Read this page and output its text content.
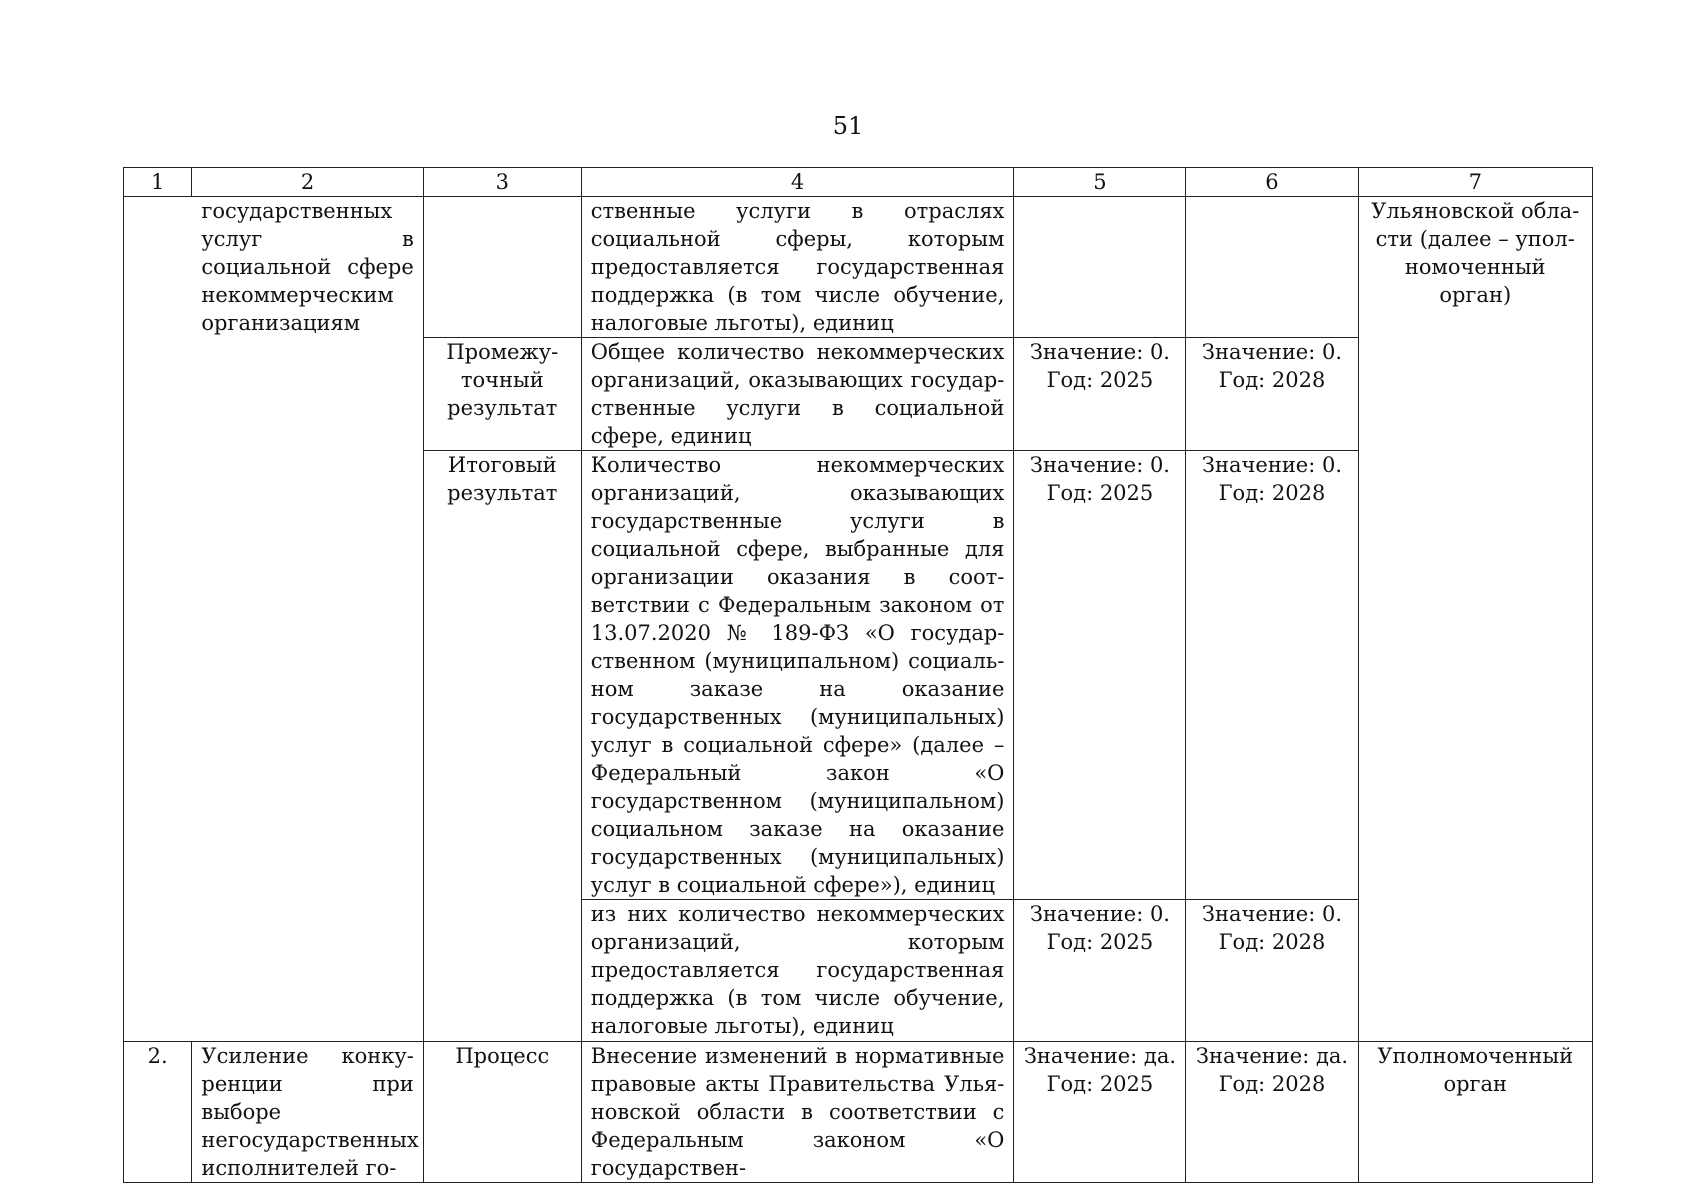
51
1	2	3	4	5	6	7
	государственных услуг в социальной сфере некоммерческим организациям		ственные услуги в отраслях социальной сферы, которым предоставляется государственная поддержка (в том числе обучение, налоговые льготы), единиц			Ульяновской области (далее – уполномоченный орган)
		Промежуточный результат	Общее количество некоммерческих организаций, оказывающих государственные услуги в социальной сфере, единиц	Значение: 0. Год: 2025	Значение: 0. Год: 2028	
		Итоговый результат	Количество некоммерческих организаций, оказывающих государственные услуги в социальной сфере, выбранные для организации оказания в соответствии с Федеральным законом от 13.07.2020 № 189-ФЗ «О государственном (муниципальном) социальном заказе на оказание государственных (муниципальных) услуг в социальной сфере» (далее – Федеральный закон «О государственном (муниципальном) социальном заказе на оказание государственных (муниципальных) услуг в социальной сфере»), единиц	Значение: 0. Год: 2025	Значение: 0. Год: 2028	
			из них количество некоммерческих организаций, которым предоставляется государственная поддержка (в том числе обучение, налоговые льготы), единиц	Значение: 0. Год: 2025	Значение: 0. Год: 2028	
2.	Усиление конкуренции при выборе негосударственных исполнителей го-	Процесс	Внесение изменений в нормативные правовые акты Правительства Ульяновской области в соответствии с Федеральным законом «О государствен-	Значение: да. Год: 2025	Значение: да. Год: 2028	Уполномоченный орган
